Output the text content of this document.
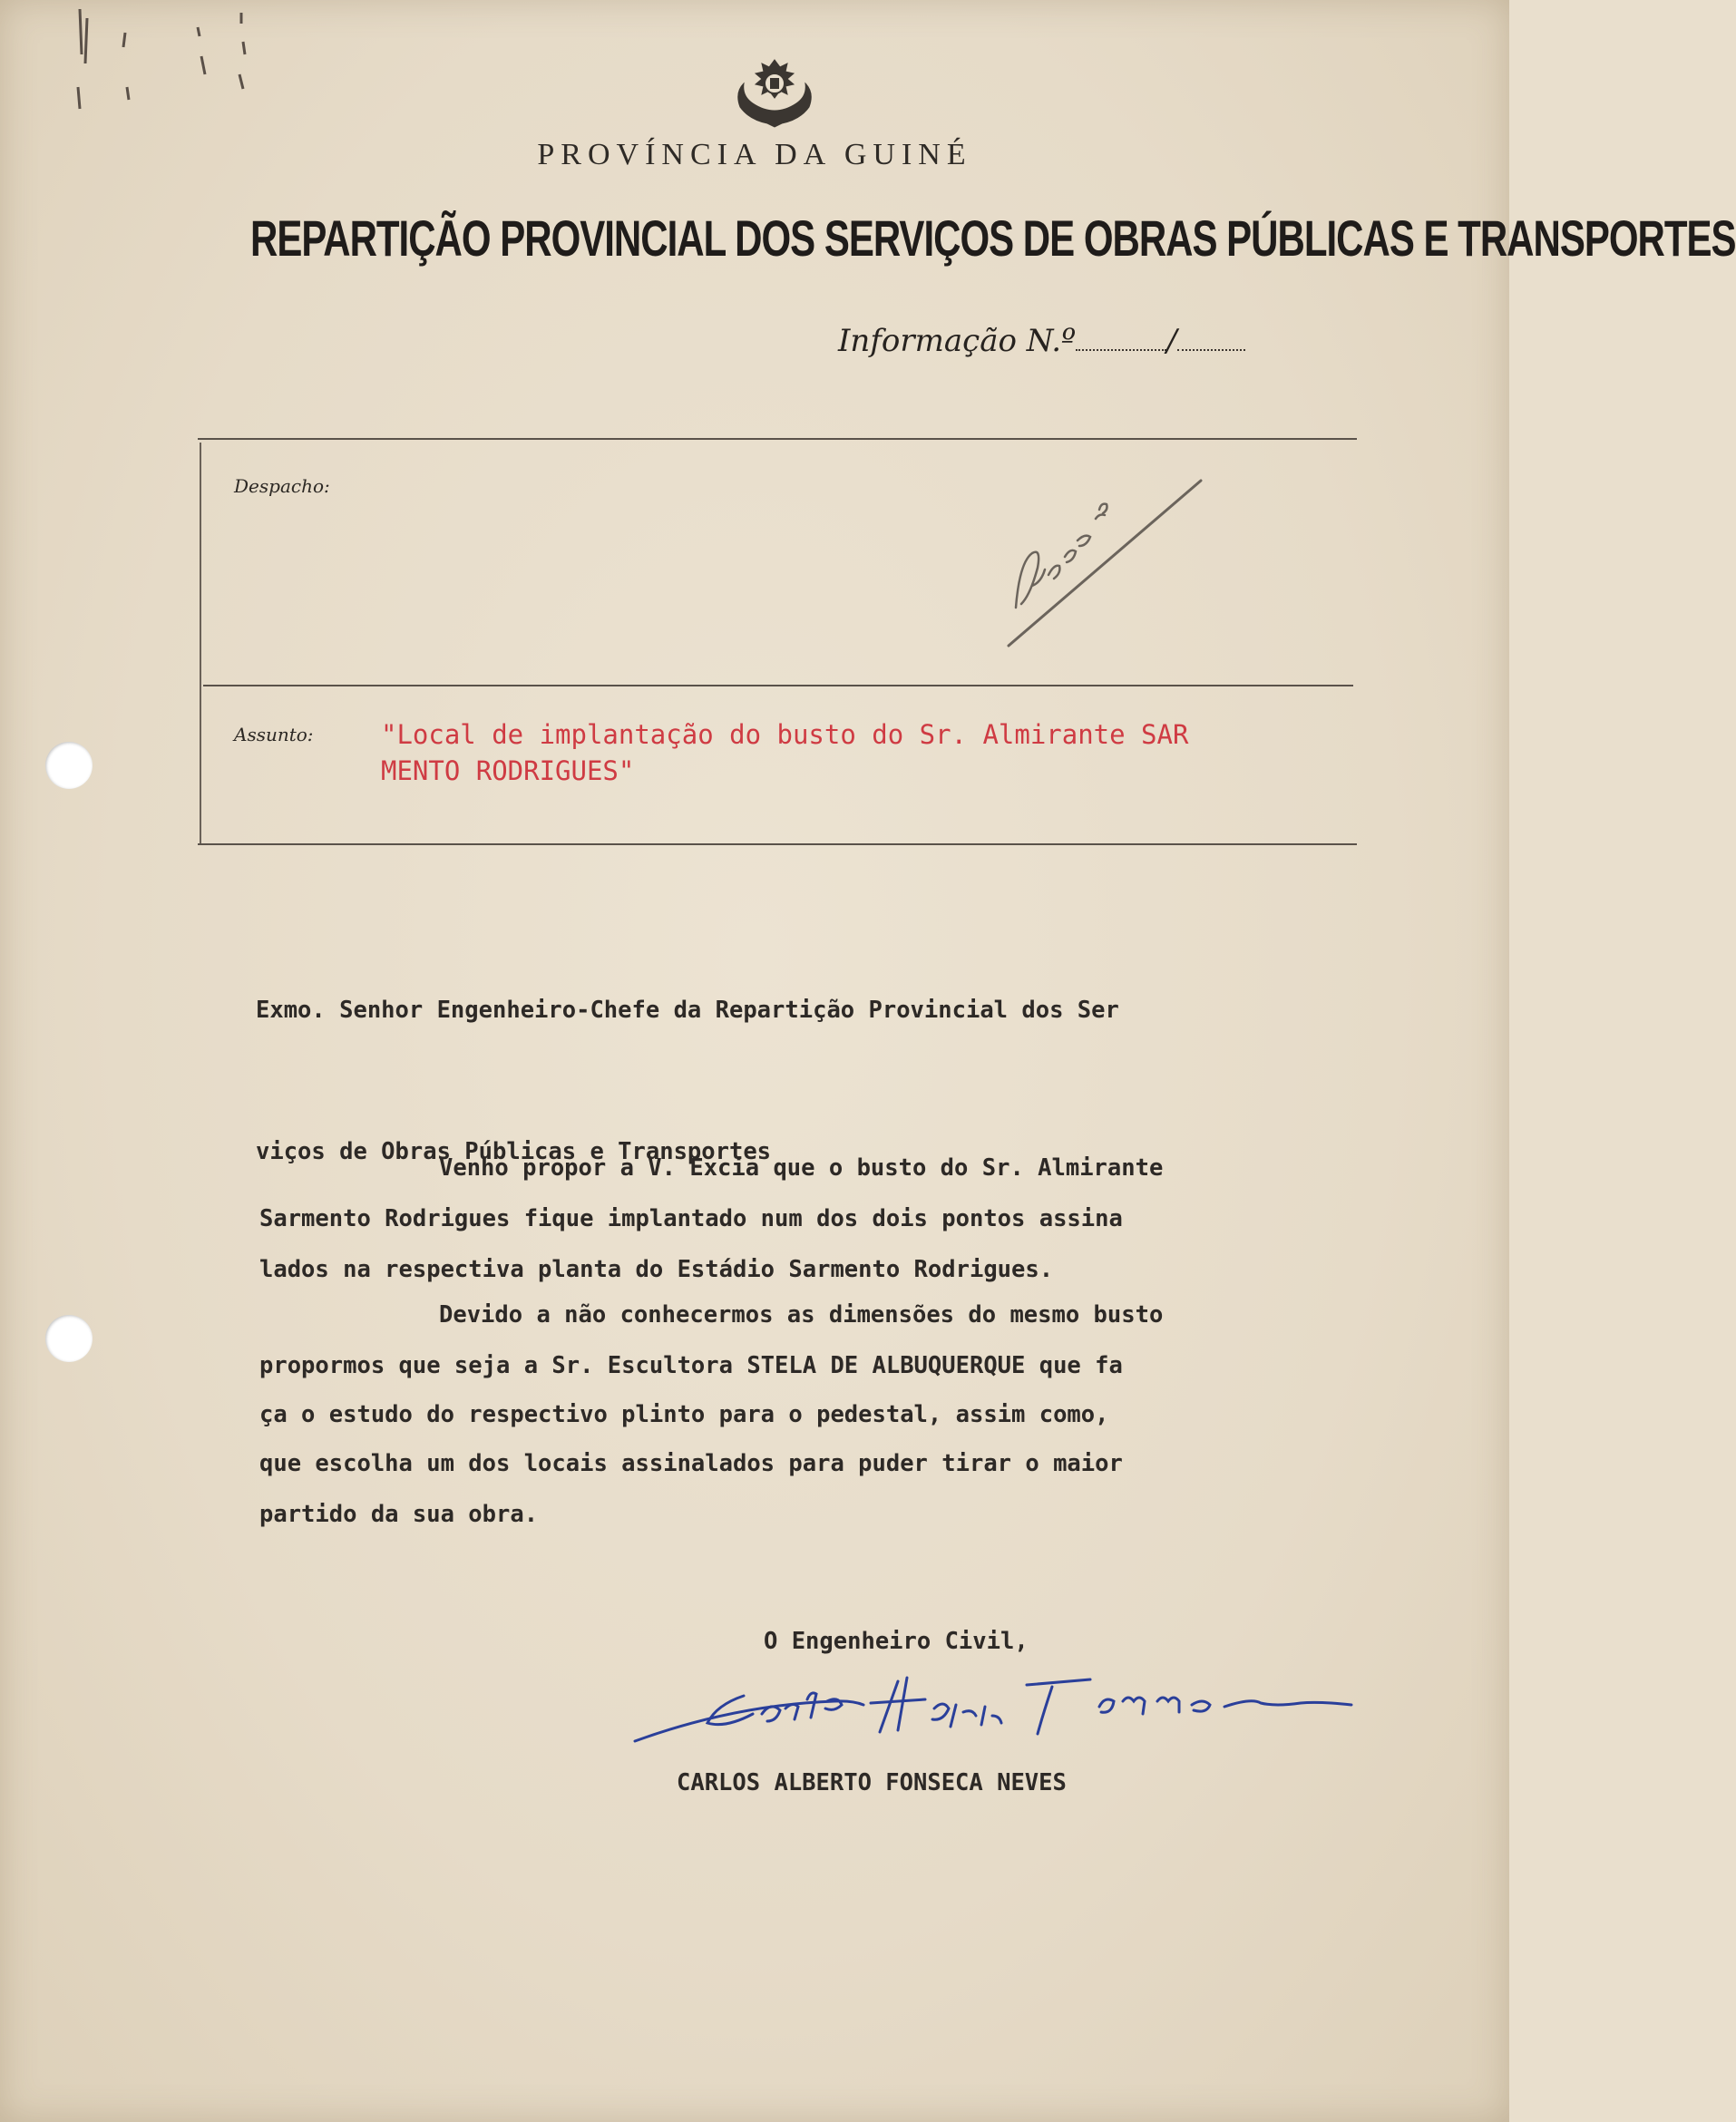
PROVÍNCIA DA GUINÉ
REPARTIÇÃO PROVINCIAL DOS SERVIÇOS DE OBRAS PÚBLICAS E TRANSPORTES
Informação N.º	/
Despacho:
Assunto:
Arquivo
"Local de implantação do busto do Sr. Almirante SAR
MENTO RODRIGUES"

Exmo. Senhor Engenheiro-Chefe da Repartição Provincial dos Ser

viços de Obras Públicas e Transportes

Venho propor a V. Excia que o busto do Sr. Almirante

Sarmento Rodrigues fique implantado num dos dois pontos assina

lados na respectiva planta do Estádio Sarmento Rodrigues.

Devido a não conhecermos as dimensões do mesmo busto

propormos que seja a Sr. Escultora STELA DE ALBUQUERQUE que fa

ça o estudo do respectivo plinto para o pedestal, assim como,

que escolha um dos locais assinalados para puder tirar o maior

partido da sua obra.

O Engenheiro Civil,
Carlos Alberto Fonseca Neves
CARLOS ALBERTO FONSECA NEVES
